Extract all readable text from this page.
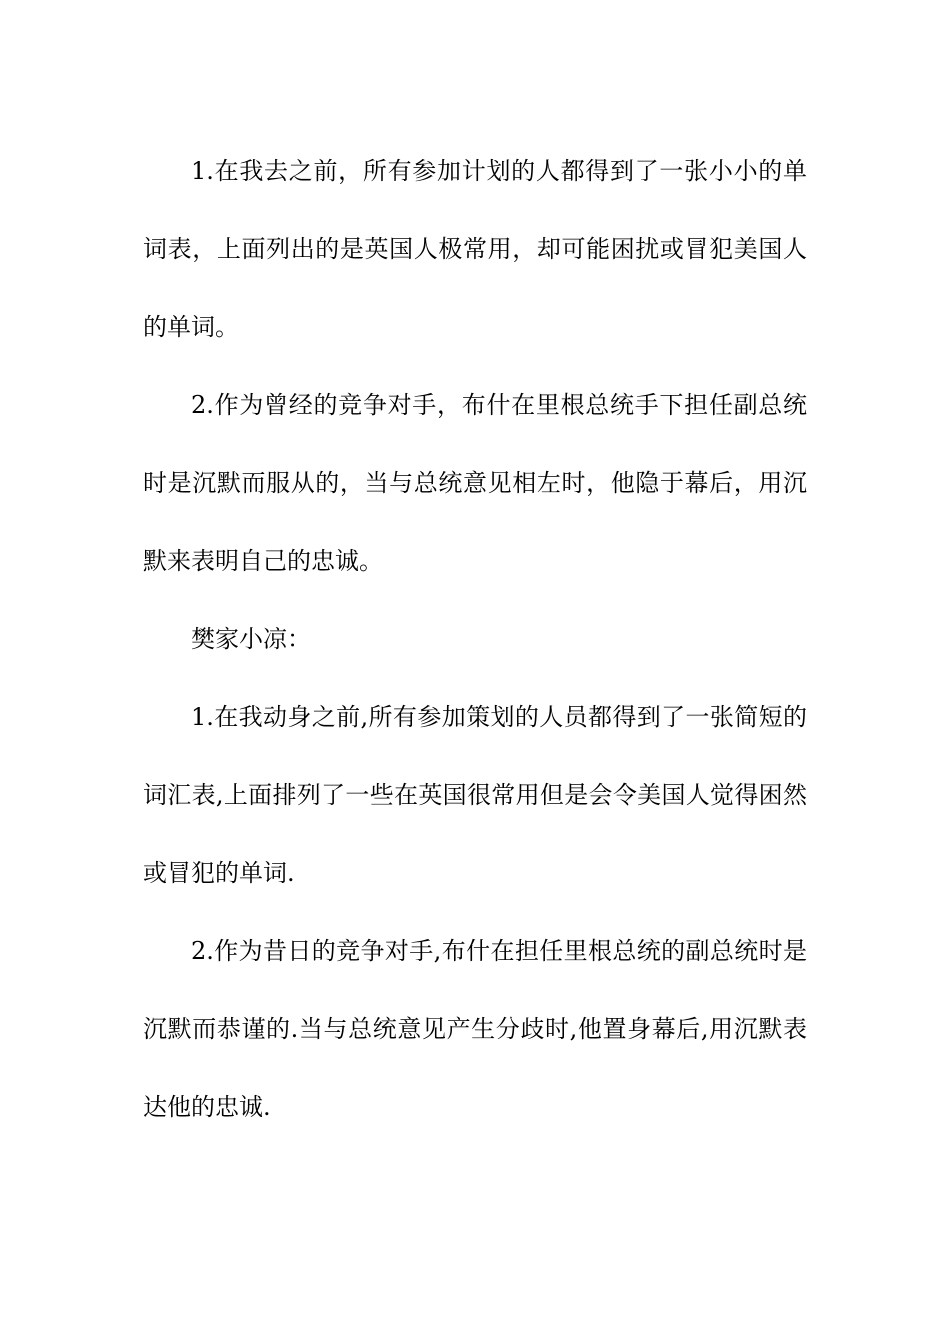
1.在我去之前，所有参加计划的人都得到了一张小小的单词表，上面列出的是英国人极常用，却可能困扰或冒犯美国人的单词。

2.作为曾经的竞争对手，布什在里根总统手下担任副总统时是沉默而服从的，当与总统意见相左时，他隐于幕后，用沉默来表明自己的忠诚。

樊家小凉：

1.在我动身之前,所有参加策划的人员都得到了一张简短的词汇表,上面排列了一些在英国很常用但是会令美国人觉得困然或冒犯的单词.

2.作为昔日的竞争对手,布什在担任里根总统的副总统时是沉默而恭谨的.当与总统意见产生分歧时,他置身幕后,用沉默表达他的忠诚.
